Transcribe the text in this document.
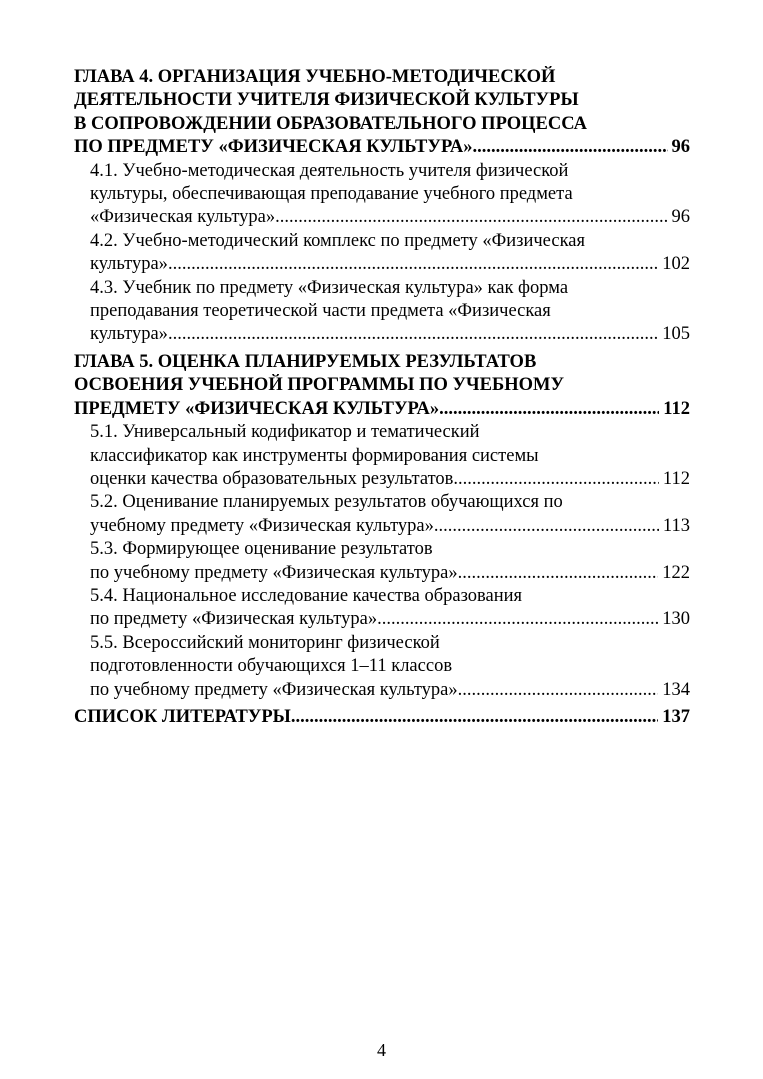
ГЛАВА 4. ОРГАНИЗАЦИЯ УЧЕБНО-МЕТОДИЧЕСКОЙ
ДЕЯТЕЛЬНОСТИ УЧИТЕЛЯ ФИЗИЧЕСКОЙ КУЛЬТУРЫ
В СОПРОВОЖДЕНИИ ОБРАЗОВАТЕЛЬНОГО ПРОЦЕССА
ПО ПРЕДМЕТУ «ФИЗИЧЕСКАЯ КУЛЬТУРА» .....	96
4.1. Учебно-методическая деятельность учителя физической
культуры, обеспечивающая преподавание учебного предмета
«Физическая культура» .....	96
4.2. Учебно-методический комплекс по предмету «Физическая
культура» .....	102
4.3. Учебник по предмету «Физическая культура» как форма
преподавания теоретической части предмета «Физическая
культура» .....	105
ГЛАВА 5. ОЦЕНКА ПЛАНИРУЕМЫХ РЕЗУЛЬТАТОВ
ОСВОЕНИЯ УЧЕБНОЙ ПРОГРАММЫ ПО УЧЕБНОМУ
ПРЕДМЕТУ «ФИЗИЧЕСКАЯ КУЛЬТУРА» .....	112
5.1. Универсальный кодификатор и тематический
классификатор как инструменты формирования системы
оценки качества образовательных результатов .....	112
5.2. Оценивание планируемых результатов обучающихся по
учебному предмету «Физическая культура» .....	113
5.3. Формирующее оценивание результатов
по учебному предмету «Физическая культура» .....	122
5.4. Национальное исследование качества образования
по предмету «Физическая культура» .....	130
5.5. Всероссийский мониторинг физической
подготовленности обучающихся 1–11 классов
по учебному предмету «Физическая культура» .....	134
СПИСОК ЛИТЕРАТУРЫ .....	137
4
